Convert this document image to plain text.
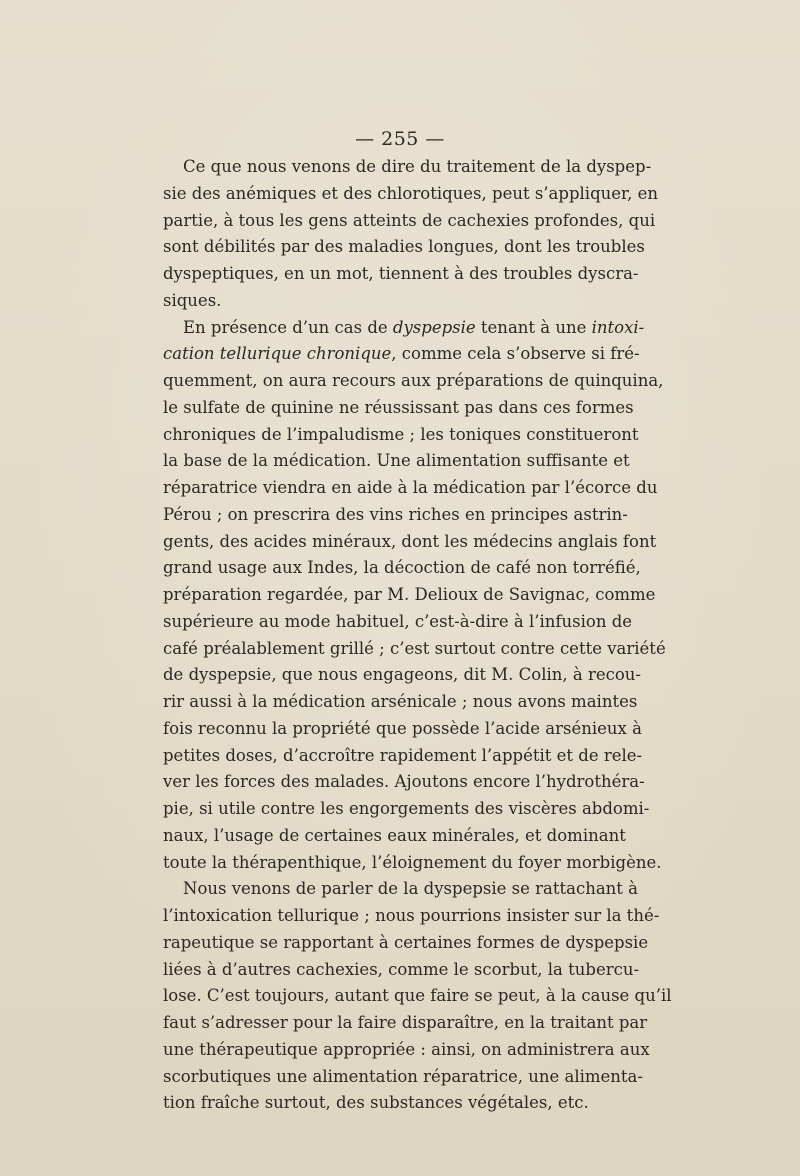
— 255 —
Ce que nous venons de dire du traitement de la dyspep-
sie des anémiques et des chlorotiques, peut s’appliquer, en
partie, à tous les gens atteints de cachexies profondes, qui
sont débilités par des maladies longues, dont les troubles
dyspeptiques, en un mot, tiennent à des troubles dyscra-
siques.
En présence d’un cas de dyspepsie tenant à une intoxi-
cation tellurique chronique, comme cela s’observe si fré-
quemment, on aura recours aux préparations de quinquina,
le sulfate de quinine ne réussissant pas dans ces formes
chroniques de l’impaludisme ; les toniques constitueront
la base de la médication. Une alimentation suffisante et
réparatrice viendra en aide à la médication par l’écorce du
Pérou ; on prescrira des vins riches en principes astrin-
gents, des acides minéraux, dont les médecins anglais font
grand usage aux Indes, la décoction de café non torréfié,
préparation regardée, par M. Delioux de Savignac, comme
supérieure au mode habituel, c’est-à-dire à l’infusion de
café préalablement grillé ; c’est surtout contre cette variété
de dyspepsie, que nous engageons, dit M. Colin, à recou-
rir aussi à la médication arsénicale ; nous avons maintes
fois reconnu la propriété que possède l’acide arsénieux à
petites doses, d’accroître rapidement l’appétit et de rele-
ver les forces des malades. Ajoutons encore l’hydrothéra-
pie, si utile contre les engorgements des viscères abdomi-
naux, l’usage de certaines eaux minérales, et dominant
toute la thérapenthique, l’éloignement du foyer morbigène.
Nous venons de parler de la dyspepsie se rattachant à
l’intoxication tellurique ; nous pourrions insister sur la thé-
rapeutique se rapportant à certaines formes de dyspepsie
liées à d’autres cachexies, comme le scorbut, la tubercu-
lose. C’est toujours, autant que faire se peut, à la cause qu’il
faut s’adresser pour la faire disparaître, en la traitant par
une thérapeutique appropriée : ainsi, on administrera aux
scorbutiques une alimentation réparatrice, une alimenta-
tion fraîche surtout, des substances végétales, etc.
